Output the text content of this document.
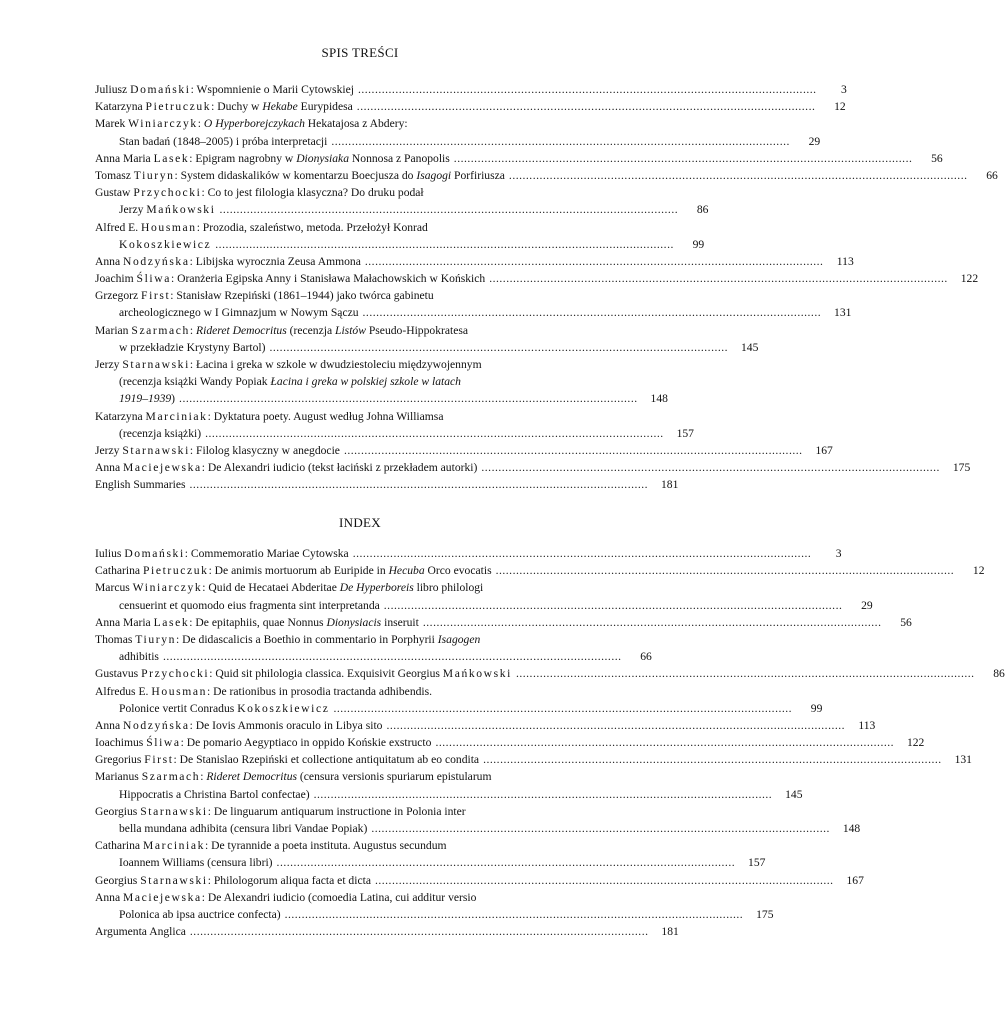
SPIS TREŚCI
Juliusz Domański: Wspomnienie o Marii Cytowskiej . . .	3
Katarzyna Pietruczuk: Duchy w Hekabe Eurypidesa . . .	12
Marek Winiarczyk: O Hyperborejczykach Hekatajosa z Abdery:
Stan badań (1848–2005) i próba interpretacji . . .	29
Anna Maria Lasek: Epigram nagrobny w Dionysiaka Nonnosa z Panopolis . . .	56
Tomasz Tiuryn: System didaskalików w komentarzu Boecjusza do Isagogi Porfiriusza . . .	66
Gustaw Przychocki: Co to jest filologia klasyczna? Do druku podał
Jerzy Mańkowski . . .	86
Alfred E. Housman: Prozodia, szaleństwo, metoda. Przełożył Konrad
Kokoszkiewicz . . .	99
Anna Nodzyńska: Libijska wyrocznia Zeusa Ammona . . .	113
Joachim Śliwa: Oranżeria Egipska Anny i Stanisława Małachowskich w Końskich . . .	122
Grzegorz First: Stanisław Rzepiński (1861–1944) jako twórca gabinetu
archeologicznego w I Gimnazjum w Nowym Sączu . . .	131
Marian Szarmach: Rideret Democritus (recenzja Listów Pseudo-Hippokratesa
w przekładzie Krystyny Bartol) . . .	145
Jerzy Starnawski: Łacina i greka w szkole w dwudziestoleciu międzywojennym
(recenzja książki Wandy Popiak Łacina i greka w polskiej szkole w latach
1919–1939) . . .	148
Katarzyna Marciniak: Dyktatura poety. August według Johna Williamsa
(recenzja książki) . . .	157
Jerzy Starnawski: Filolog klasyczny w anegdocie . . .	167
Anna Maciejewska: De Alexandri iudicio (tekst łaciński z przekładem autorki) . . .	175
English Summaries . . .	181
INDEX
Iulius Domański: Commemoratio Mariae Cytowska . . .	3
Catharina Pietruczuk: De animis mortuorum ab Euripide in Hecuba Orco evocatis . . .	12
Marcus Winiarczyk: Quid de Hecataei Abderitae De Hyperboreis libro philologi
censuerint et quomodo eius fragmenta sint interpretanda . . .	29
Anna Maria Lasek: De epitaphiis, quae Nonnus Dionysiacis inseruit . . .	56
Thomas Tiuryn: De didascalicis a Boethio in commentario in Porphyrii Isagogen
adhibitis . . .	66
Gustavus Przychocki: Quid sit philologia classica. Exquisivit Georgius Mańkowski . . .	86
Alfredus E. Housman: De rationibus in prosodia tractanda adhibendis.
Polonice vertit Conradus Kokoszkiewicz . . .	99
Anna Nodzyńska: De Iovis Ammonis oraculo in Libya sito . . .	113
Ioachimus Śliwa: De pomario Aegyptiaco in oppido Końskie exstructo . . .	122
Gregorius First: De Stanislao Rzepiński et collectione antiquitatum ab eo condita . . .	131
Marianus Szarmach: Rideret Democritus (censura versionis spuriarum epistularum
Hippocratis a Christina Bartol confectae) . . .	145
Georgius Starnawski: De linguarum antiquarum instructione in Polonia inter
bella mundana adhibita (censura libri Vandae Popiak) . . .	148
Catharina Marciniak: De tyrannide a poeta instituta. Augustus secundum
Ioannem Williams (censura libri) . . .	157
Georgius Starnawski: Philologorum aliqua facta et dicta . . .	167
Anna Maciejewska: De Alexandri iudicio (comoedia Latina, cui additur versio
Polonica ab ipsa auctrice confecta) . . .	175
Argumenta Anglica . . .	181
